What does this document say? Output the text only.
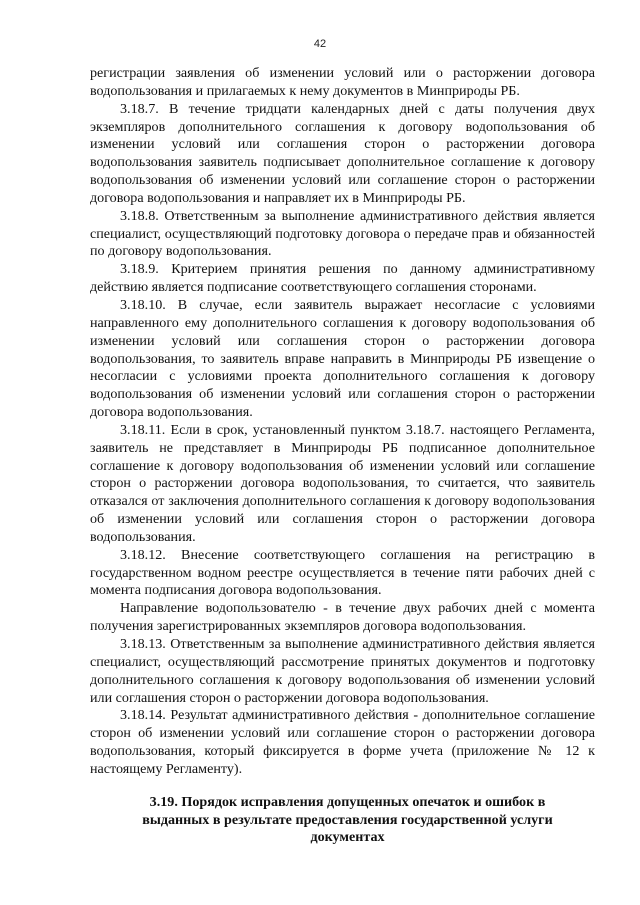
42

регистрации заявления об изменении условий или о расторжении договора водопользования и прилагаемых к нему документов в Минприроды РБ.

3.18.7. В течение тридцати календарных дней с даты получения двух экземпляров дополнительного соглашения к договору водопользования об изменении условий или соглашения сторон о расторжении договора водопользования заявитель подписывает дополнительное соглашение к договору водопользования об изменении условий или соглашение сторон о расторжении договора водопользования и направляет их в Минприроды РБ.

3.18.8. Ответственным за выполнение административного действия является специалист, осуществляющий подготовку договора о передаче прав и обязанностей по договору водопользования.

3.18.9. Критерием принятия решения по данному административному действию является подписание соответствующего соглашения сторонами.

3.18.10. В случае, если заявитель выражает несогласие с условиями направленного ему дополнительного соглашения к договору водопользования об изменении условий или соглашения сторон о расторжении договора водопользования, то заявитель вправе направить в Минприроды РБ извещение о несогласии с условиями проекта дополнительного соглашения к договору водопользования об изменении условий или соглашения сторон о расторжении договора водопользования.

3.18.11. Если в срок, установленный пунктом 3.18.7. настоящего Регламента, заявитель не представляет в Минприроды РБ подписанное дополнительное соглашение к договору водопользования об изменении условий или соглашение сторон о расторжении договора водопользования, то считается, что заявитель отказался от заключения дополнительного соглашения к договору водопользования об изменении условий или соглашения сторон о расторжении договора водопользования.

3.18.12. Внесение соответствующего соглашения на регистрацию в государственном водном реестре осуществляется в течение пяти рабочих дней с момента подписания договора водопользования.

Направление водопользователю - в течение двух рабочих дней с момента получения зарегистрированных экземпляров договора водопользования.

3.18.13. Ответственным за выполнение административного действия является специалист, осуществляющий рассмотрение принятых документов и подготовку дополнительного соглашения к договору водопользования об изменении условий или соглашения сторон о расторжении договора водопользования.

3.18.14. Результат административного действия - дополнительное соглашение сторон об изменении условий или соглашение сторон о расторжении договора водопользования, который фиксируется в форме учета (приложение № 12 к настоящему Регламенту).

3.19. Порядок исправления допущенных опечаток и ошибок в выданных в результате предоставления государственной услуги документах
